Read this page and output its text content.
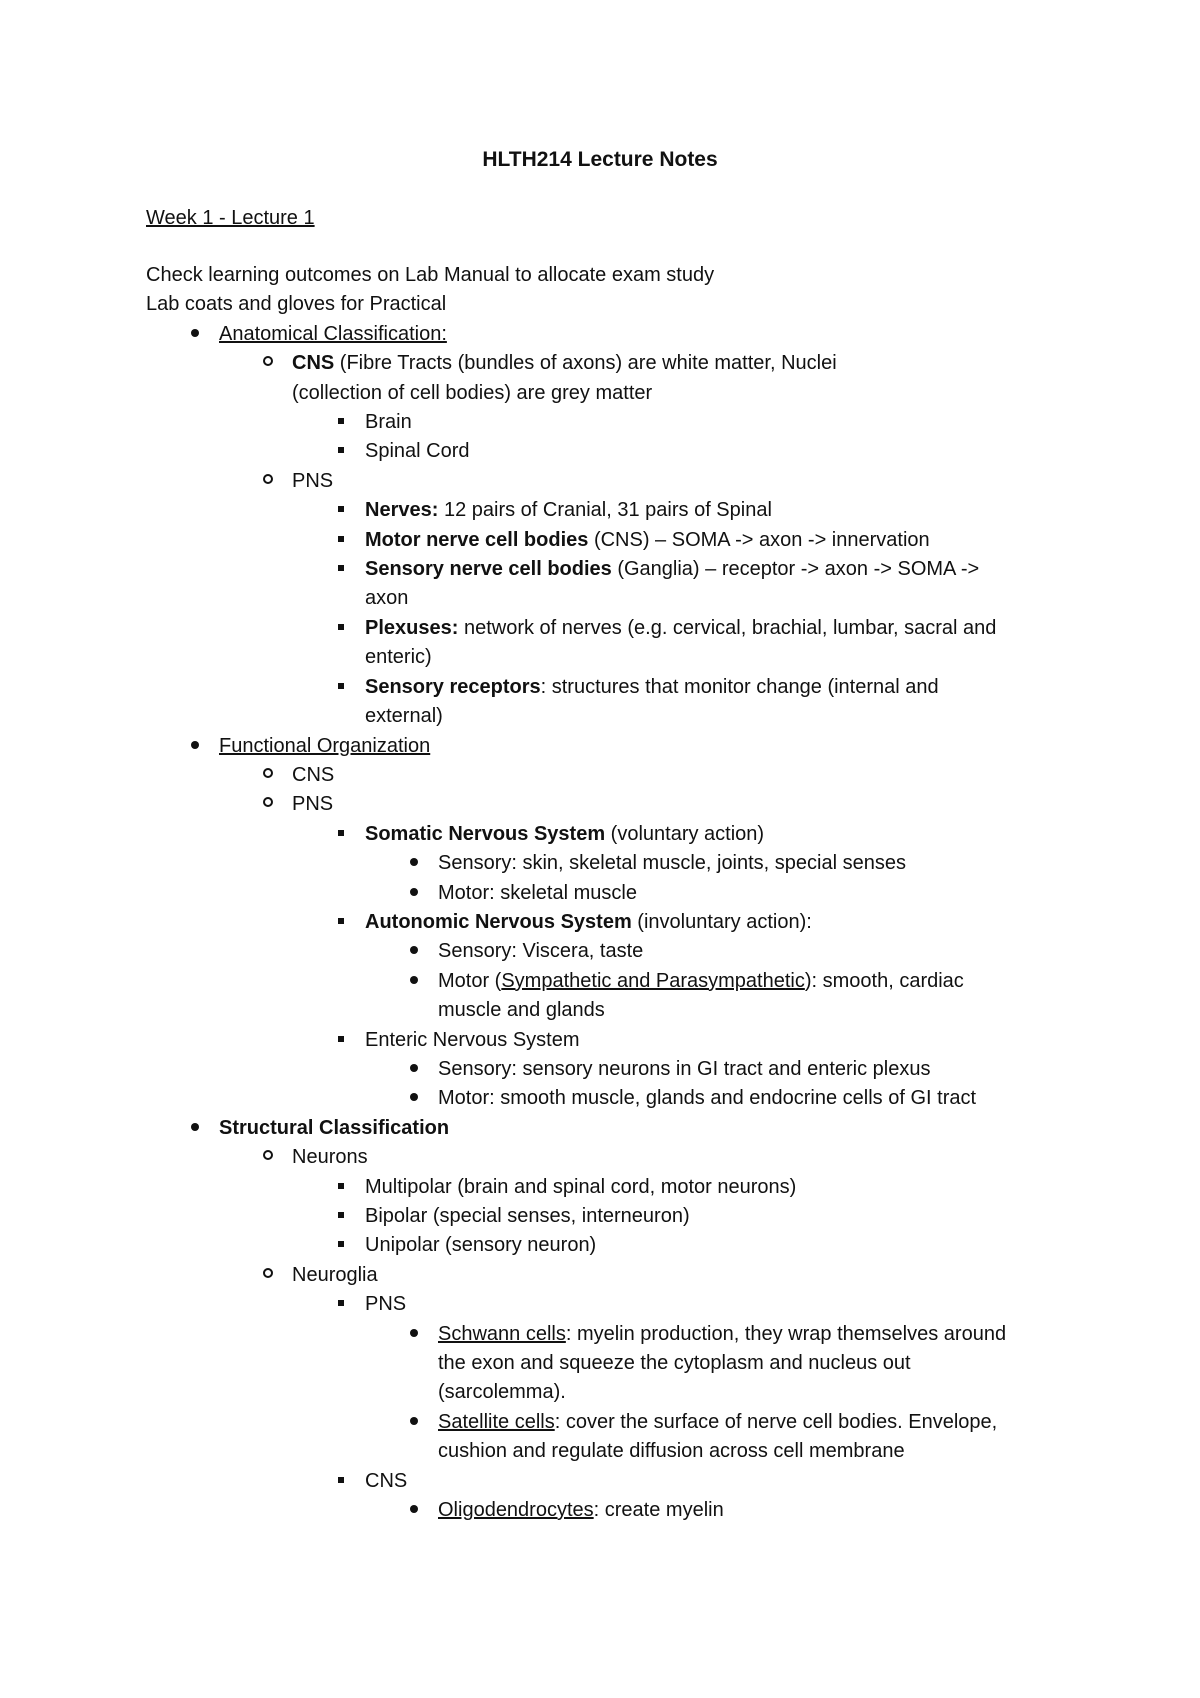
HLTH214 Lecture Notes
Week 1 - Lecture 1
Check learning outcomes on Lab Manual to allocate exam study
Lab coats and gloves for Practical
Anatomical Classification:
CNS (Fibre Tracts (bundles of axons) are white matter, Nuclei (collection of cell bodies) are grey matter
Brain
Spinal Cord
PNS
Nerves: 12 pairs of Cranial, 31 pairs of Spinal
Motor nerve cell bodies (CNS) – SOMA -> axon -> innervation
Sensory nerve cell bodies (Ganglia) – receptor -> axon -> SOMA -> axon
Plexuses: network of nerves (e.g. cervical, brachial, lumbar, sacral and enteric)
Sensory receptors: structures that monitor change (internal and external)
Functional Organization
CNS
PNS
Somatic Nervous System (voluntary action)
Sensory: skin, skeletal muscle, joints, special senses
Motor: skeletal muscle
Autonomic Nervous System (involuntary action):
Sensory: Viscera, taste
Motor (Sympathetic and Parasympathetic): smooth, cardiac muscle and glands
Enteric Nervous System
Sensory: sensory neurons in GI tract and enteric plexus
Motor: smooth muscle, glands and endocrine cells of GI tract
Structural Classification
Neurons
Multipolar (brain and spinal cord, motor neurons)
Bipolar (special senses, interneuron)
Unipolar (sensory neuron)
Neuroglia
PNS
Schwann cells: myelin production, they wrap themselves around the exon and squeeze the cytoplasm and nucleus out (sarcolemma).
Satellite cells: cover the surface of nerve cell bodies. Envelope, cushion and regulate diffusion across cell membrane
CNS
Oligodendrocytes: create myelin
